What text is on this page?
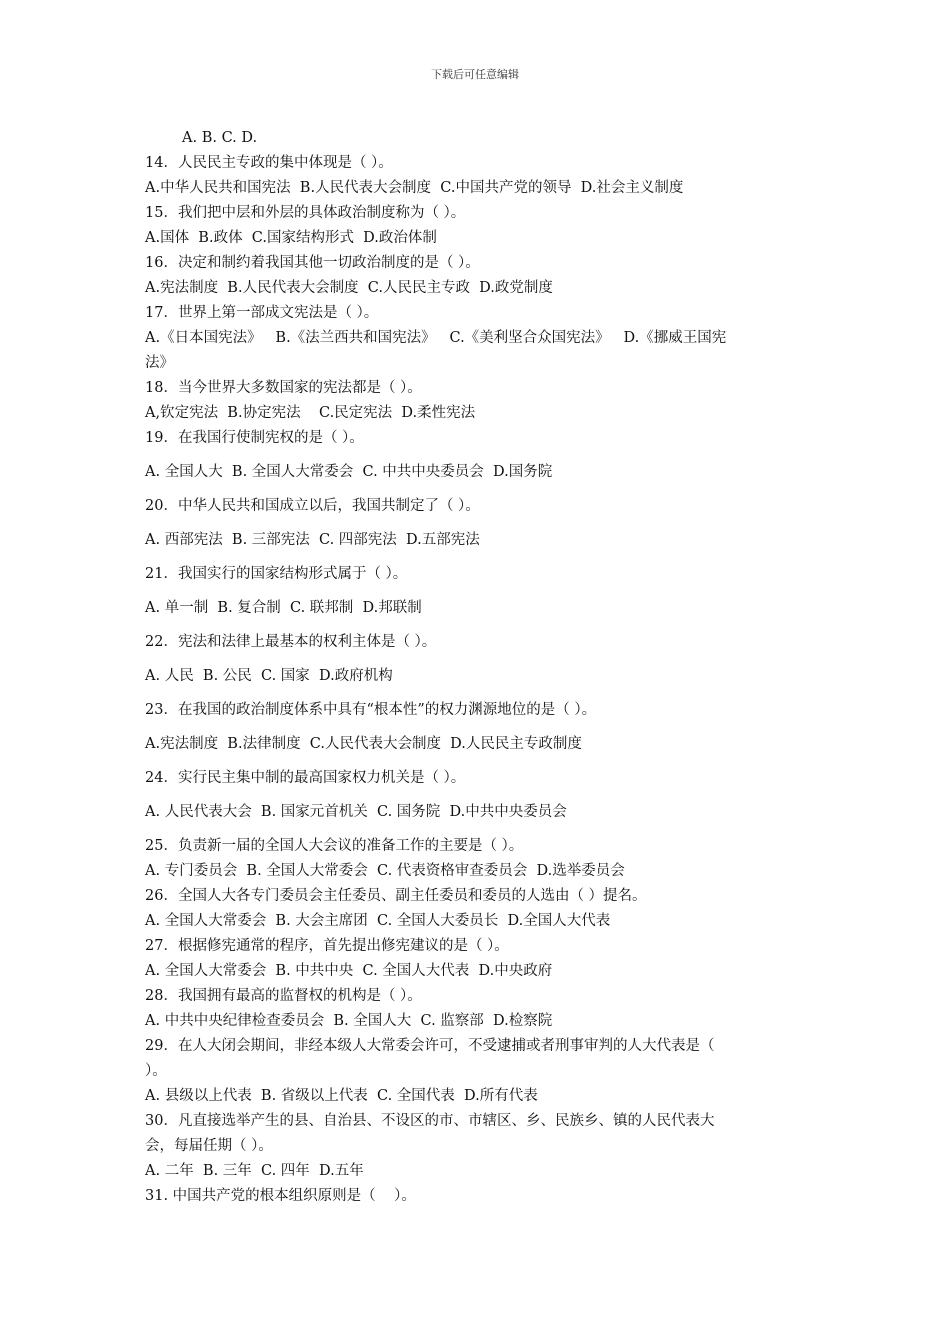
下载后可任意编辑
A. B. C. D.
14．人民民主专政的集中体现是（ ）。
A.中华人民共和国宪法  B.人民代表大会制度  C.中国共产党的领导  D.社会主义制度
15．我们把中层和外层的具体政治制度称为（ ）。
A.国体  B.政体  C.国家结构形式  D.政治体制
16．决定和制约着我国其他一切政治制度的是（ ）。
A.宪法制度  B.人民代表大会制度  C.人民民主专政  D.政党制度
17．世界上第一部成文宪法是（ ）。
A.《日本国宪法》   B.《法兰西共和国宪法》   C.《美利坚合众国宪法》   D.《挪威王国宪
法》
18．当今世界大多数国家的宪法都是（ ）。
A,钦定宪法  B.协定宪法    C.民定宪法  D.柔性宪法
19．在我国行使制宪权的是（ ）。
A. 全国人大  B. 全国人大常委会  C. 中共中央委员会  D.国务院
20．中华人民共和国成立以后，我国共制定了（ ）。
A. 西部宪法  B. 三部宪法  C. 四部宪法  D.五部宪法
21．我国实行的国家结构形式属于（ ）。
A. 单一制  B. 复合制  C. 联邦制  D.邦联制
22．宪法和法律上最基本的权利主体是（ ）。
A. 人民  B. 公民  C. 国家  D.政府机构
23．在我国的政治制度体系中具有“根本性”的权力渊源地位的是（ ）。
A.宪法制度  B.法律制度  C.人民代表大会制度  D.人民民主专政制度
24．实行民主集中制的最高国家权力机关是（ ）。
A. 人民代表大会  B. 国家元首机关  C. 国务院  D.中共中央委员会
25．负责新一届的全国人大会议的准备工作的主要是（ ）。
A. 专门委员会  B. 全国人大常委会  C. 代表资格审查委员会  D.选举委员会
26．全国人大各专门委员会主任委员、副主任委员和委员的人选由（ ）提名。
A. 全国人大常委会  B. 大会主席团  C. 全国人大委员长  D.全国人大代表
27．根据修宪通常的程序，首先提出修宪建议的是（ ）。
A. 全国人大常委会  B. 中共中央  C. 全国人大代表  D.中央政府
28．我国拥有最高的监督权的机构是（ ）。
A. 中共中央纪律检查委员会  B. 全国人大  C. 监察部  D.检察院
29．在人大闭会期间，非经本级人大常委会许可，不受逮捕或者刑事审判的人大代表是（
）。
A. 县级以上代表  B. 省级以上代表  C. 全国代表  D.所有代表
30．凡直接选举产生的县、自治县、不设区的市、市辖区、乡、民族乡、镇的人民代表大
会，每届任期（ ）。
A. 二年  B. 三年  C. 四年  D.五年
31. 中国共产党的根本组织原则是（    ）。
